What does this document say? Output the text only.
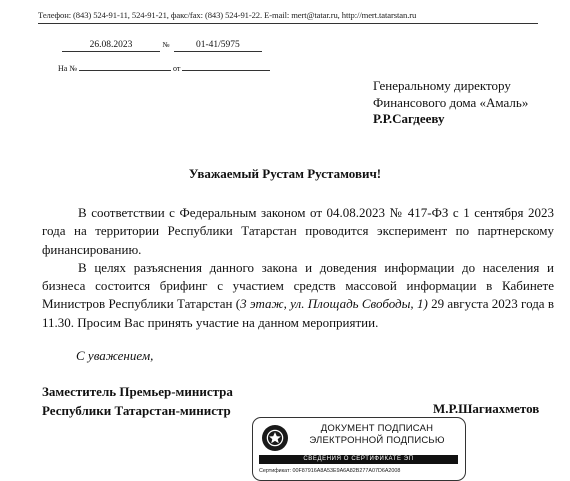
Телефон: (843) 524-91-11, 524-91-21, факс/fax: (843) 524-91-22. E-mail: mert@tatar.ru, http://mert.tatarstan.ru
26.08.2023	№	01-41/5975
На №	от
Генеральному директору
Финансового дома «Амаль»
Р.Р.Сагдееву
Уважаемый Рустам Рустамович!

В соответствии с Федеральным законом от 04.08.2023 № 417-ФЗ с 1 сентября 2023 года на территории Республики Татарстан проводится эксперимент по партнерскому финансированию.

В целях разъяснения данного закона и доведения информации до населения и бизнеса состоится брифинг с участием средств массовой информации в Кабинете Министров Республики Татарстан (3 этаж, ул. Площадь Свободы, 1) 29 августа 2023 года в 11.30. Просим Вас принять участие на данном мероприятии.

С уважением,
Заместитель Премьер-министра
Республики Татарстан-министр	М.Р.Шагиахметов
ДОКУМЕНТ ПОДПИСАН
ЭЛЕКТРОННОЙ ПОДПИСЬЮ
СВЕДЕНИЯ О СЕРТИФИКАТЕ ЭП
Сертификат: 00F87916A8A53E9A6A82B277A07D6A2008
